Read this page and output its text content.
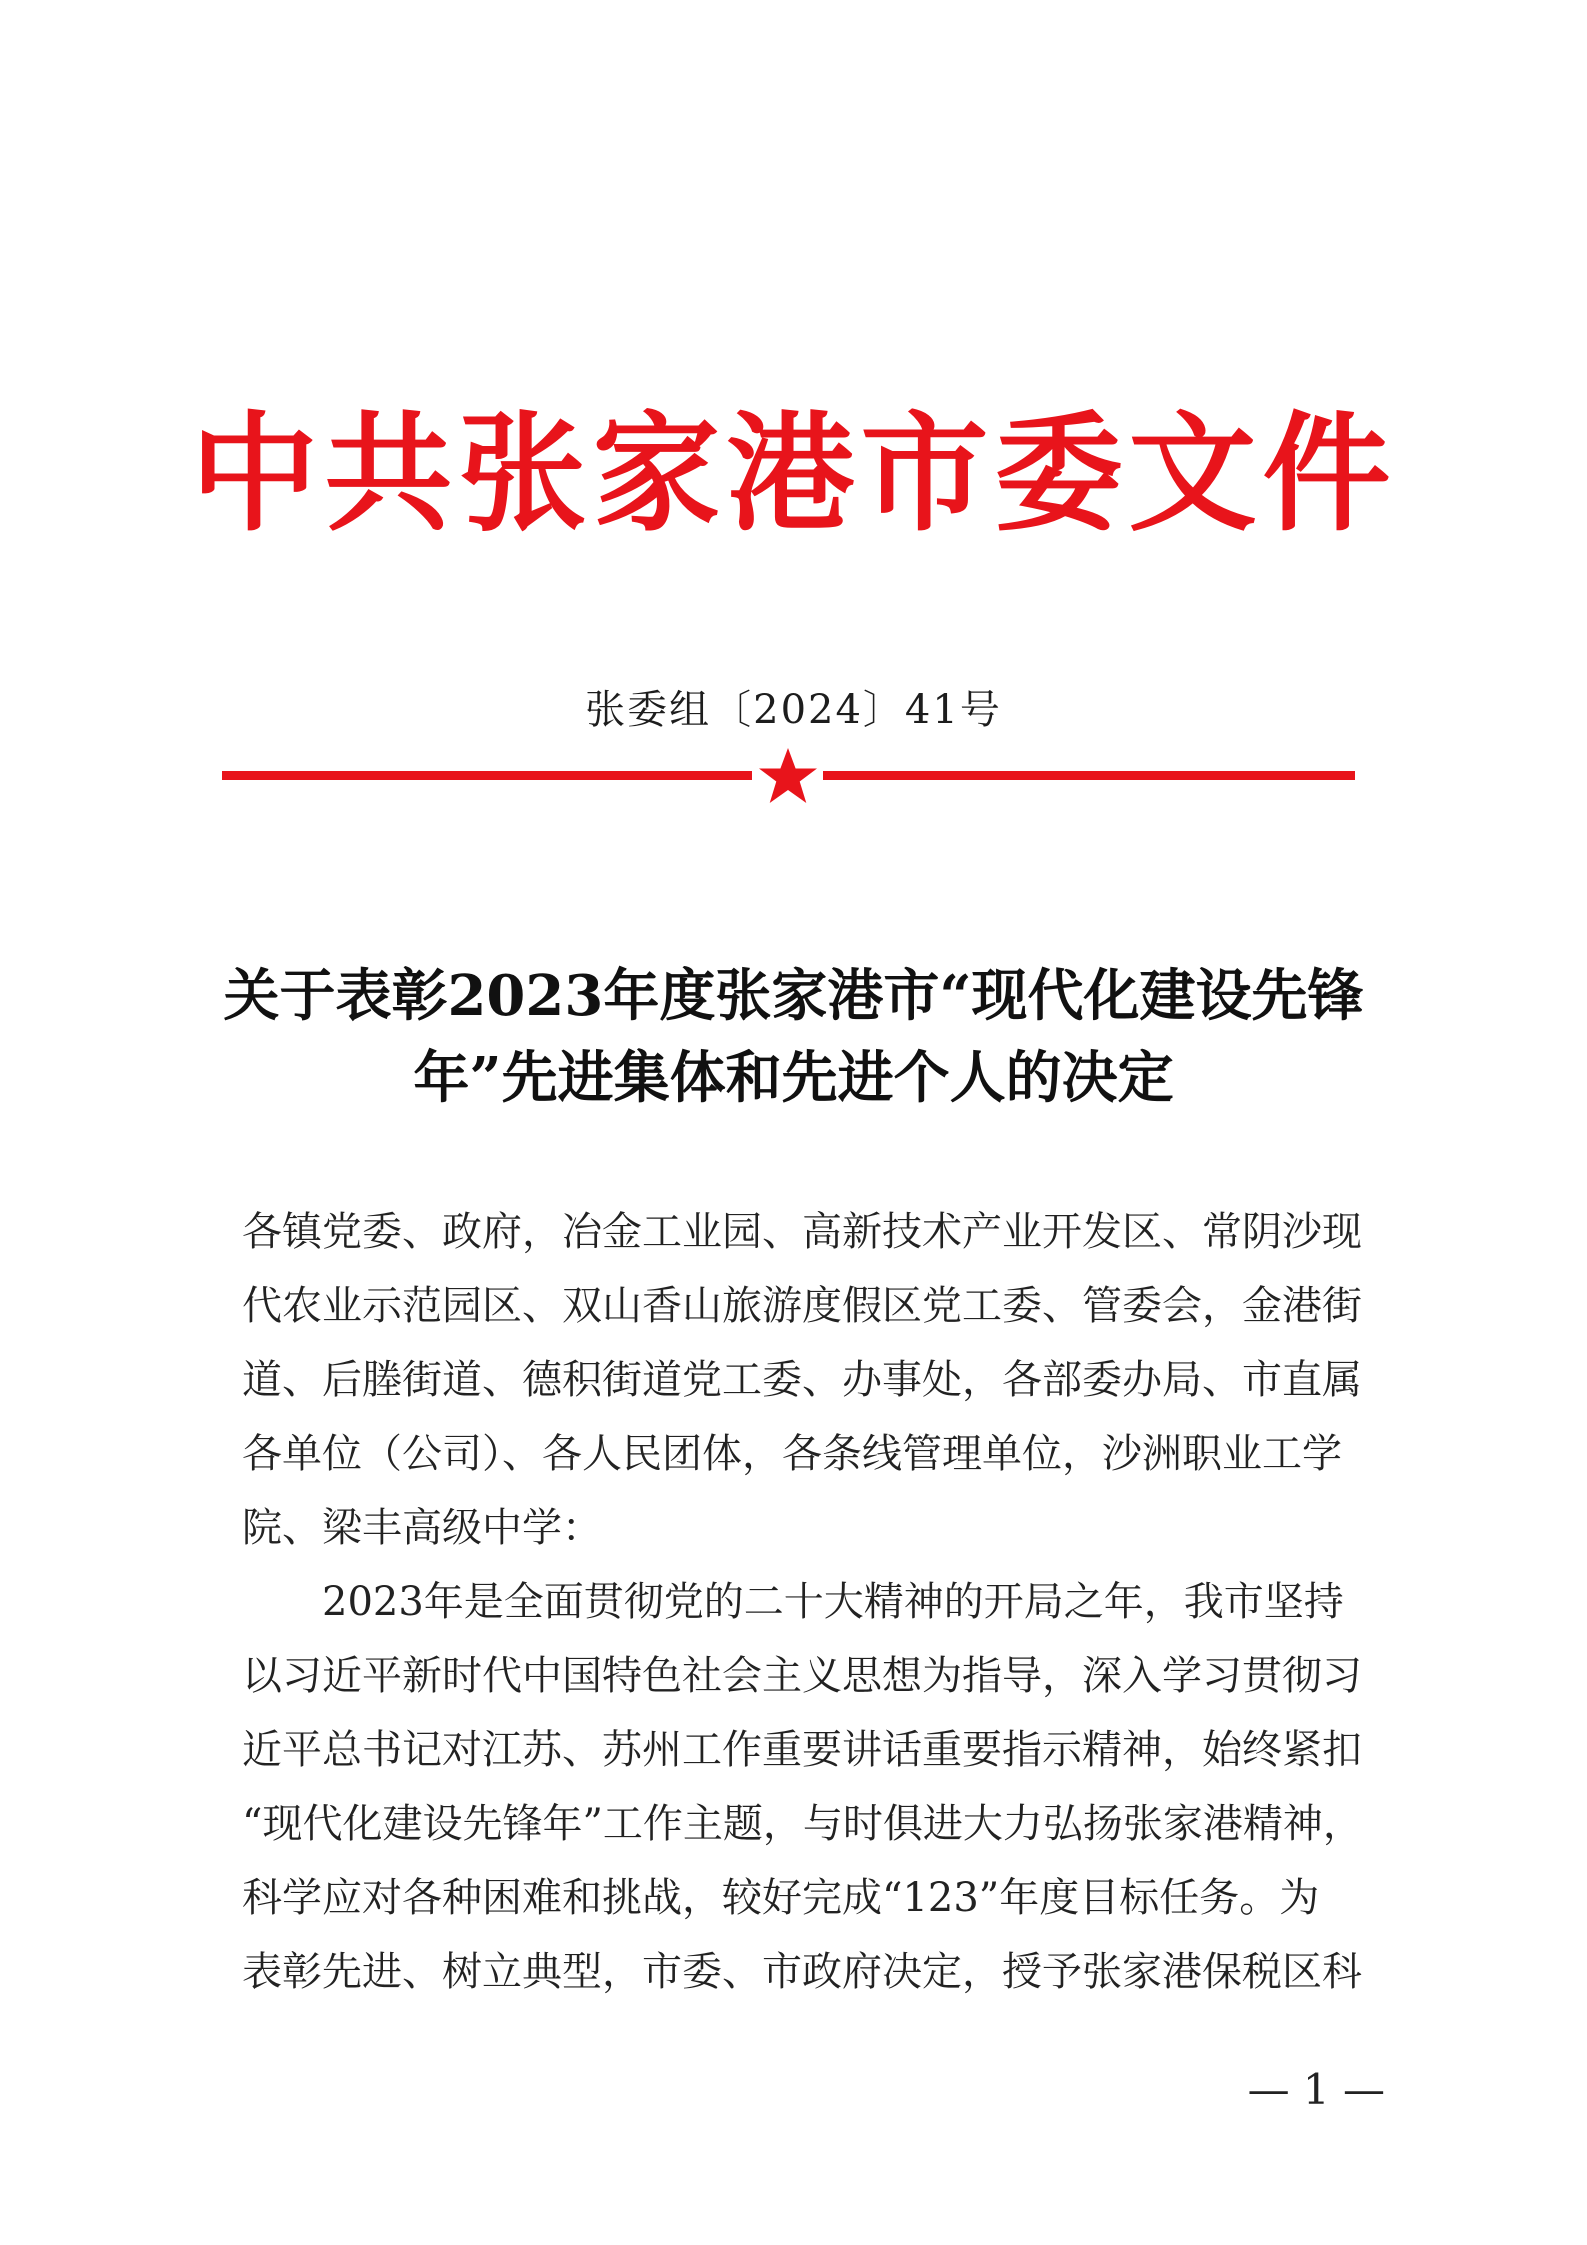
中共张家港市委文件
张委组〔2024〕41号
关于表彰2023年度张家港市“现代化建设先锋
年”先进集体和先进个人的决定
各镇党委、政府，冶金工业园、高新技术产业开发区、常阴沙现
代农业示范园区、双山香山旅游度假区党工委、管委会，金港街
道、后塍街道、德积街道党工委、办事处，各部委办局、市直属
各单位（公司）、各人民团体，各条线管理单位，沙洲职业工学
院、梁丰高级中学：
2023年是全面贯彻党的二十大精神的开局之年，我市坚持
以习近平新时代中国特色社会主义思想为指导，深入学习贯彻习
近平总书记对江苏、苏州工作重要讲话重要指示精神，始终紧扣
“现代化建设先锋年”工作主题，与时俱进大力弘扬张家港精神，
科学应对各种困难和挑战，较好完成“123”年度目标任务。为
表彰先进、树立典型，市委、市政府决定，授予张家港保税区科
— 1 —
